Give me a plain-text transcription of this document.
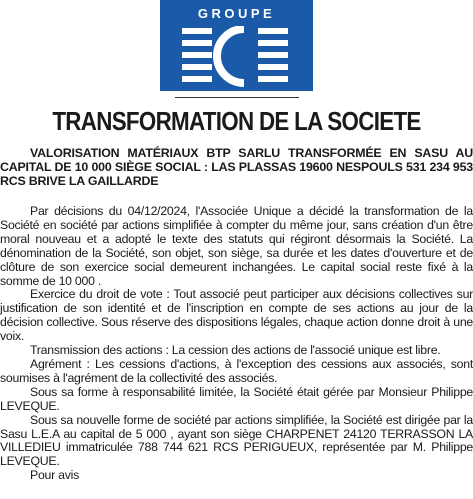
GROUPE
TRANSFORMATION DE LA SOCIETE

VALORISATION MATÉRIAUX BTP SARLU TRANSFORMÉE EN SASU AU CAPITAL DE 10 000 SIÈGE SOCIAL : LAS PLASSAS 19600 NESPOULS 531 234 953 RCS BRIVE LA GAILLARDE

Par décisions du 04/12/2024, l'Associée Unique a décidé la transformation de la Société en société par actions simplifiée à compter du même jour, sans création d'un être moral nouveau et a adopté le texte des statuts qui régiront désormais la Société. La dénomination de la Société, son objet, son siège, sa durée et les dates d'ouverture et de clôture de son exercice social demeurent inchangées. Le capital social reste fixé à la somme de 10 000 .

Exercice du droit de vote : Tout associé peut participer aux décisions collectives sur justification de son identité et de l'inscription en compte de ses actions au jour de la décision collective. Sous réserve des dispositions légales, chaque action donne droit à une voix.

Transmission des actions : La cession des actions de l'associé unique est libre.

Agrément : Les cessions d'actions, à l'exception des cessions aux associés, sont soumises à l'agrément de la collectivité des associés.

Sous sa forme à responsabilité limitée, la Société était gérée par Monsieur Philippe LEVEQUE.

Sous sa nouvelle forme de société par actions simplifiée, la Société est dirigée par la Sasu L.E.A au capital de 5 000 , ayant son siège CHARPENET 24120 TERRASSON LA VILLEDIEU immatriculée 788 744 621 RCS PERIGUEUX, représentée par M. Philippe LEVEQUE.

Pour avis
